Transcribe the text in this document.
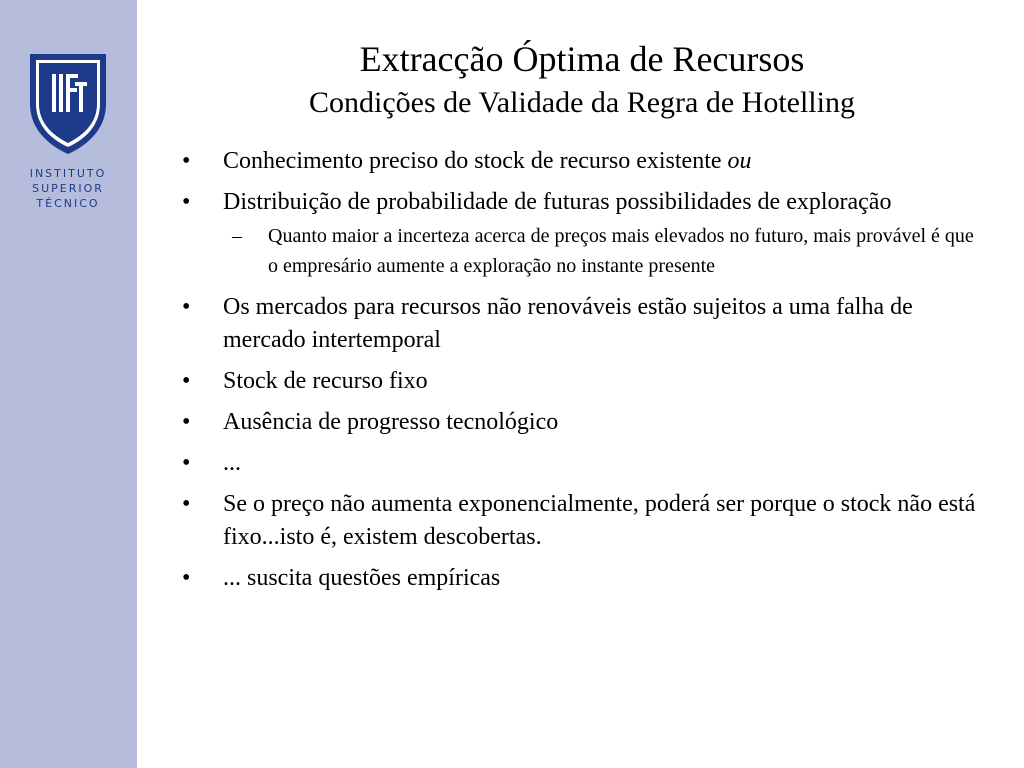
INSTITUTO
SUPERIOR
TÉCNICO
Extracção Óptima de Recursos
Condições de Validade da Regra de Hotelling
• Conhecimento preciso do stock de recurso existente ou
• Distribuição de probabilidade de futuras possibilidades de exploração
– Quanto maior a incerteza acerca de preços mais elevados no futuro, mais provável é que o empresário aumente a exploração no instante presente
• Os mercados para recursos não renováveis estão sujeitos a uma falha de mercado intertemporal
• Stock de recurso fixo
• Ausência de progresso tecnológico
• ...
• Se o preço não aumenta exponencialmente, poderá ser porque o stock não está fixo...isto é, existem descobertas.
• ... suscita questões empíricas
